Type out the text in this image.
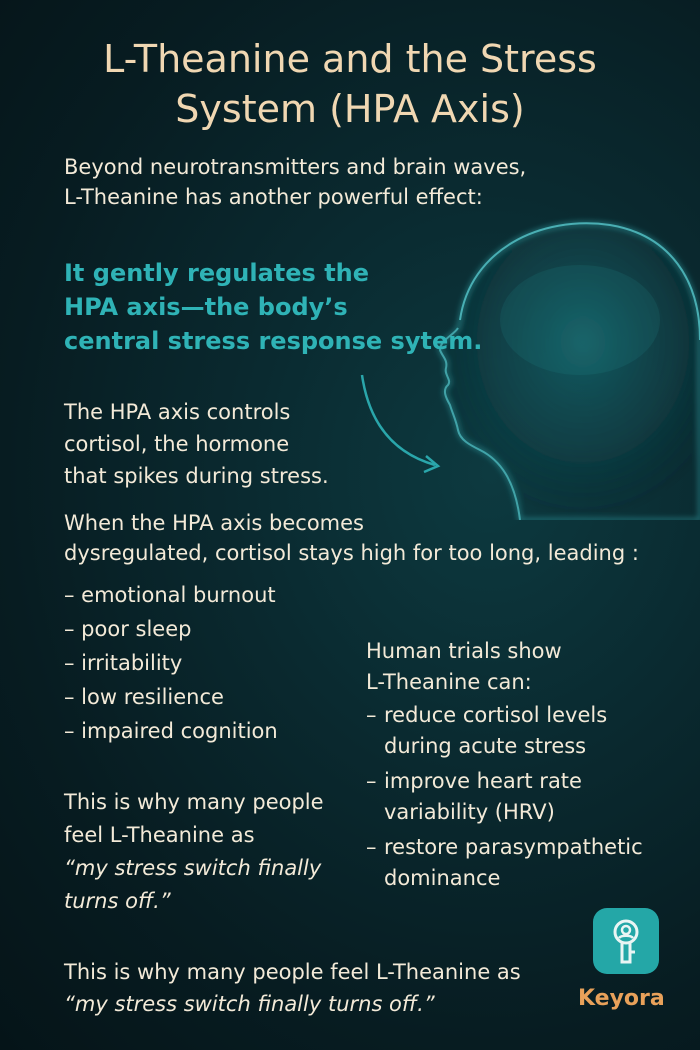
L-Theanine and the Stress
System (HPA Axis)
Beyond neurotransmitters and brain waves,
L-Theanine has another powerful effect:
It gently regulates the
HPA axis—the body’s
central stress response sytem.
The HPA axis controls
cortisol, the hormone
that spikes during stress.
When the HPA axis becomes
dysregulated, cortisol stays high for too long, leading :
– emotional burnout
– poor sleep
– irritability
– low resilience
– impaired cognition
Human trials show
L-Theanine can:
– reduce cortisol levels during acute stress
– improve heart rate variability (HRV)
– restore parasympathetic dominance
This is why many people
feel L-Theanine as
“my stress switch finally
turns off.”
This is why many people feel L-Theanine as
“my stress switch finally turns off.”	Keyora
